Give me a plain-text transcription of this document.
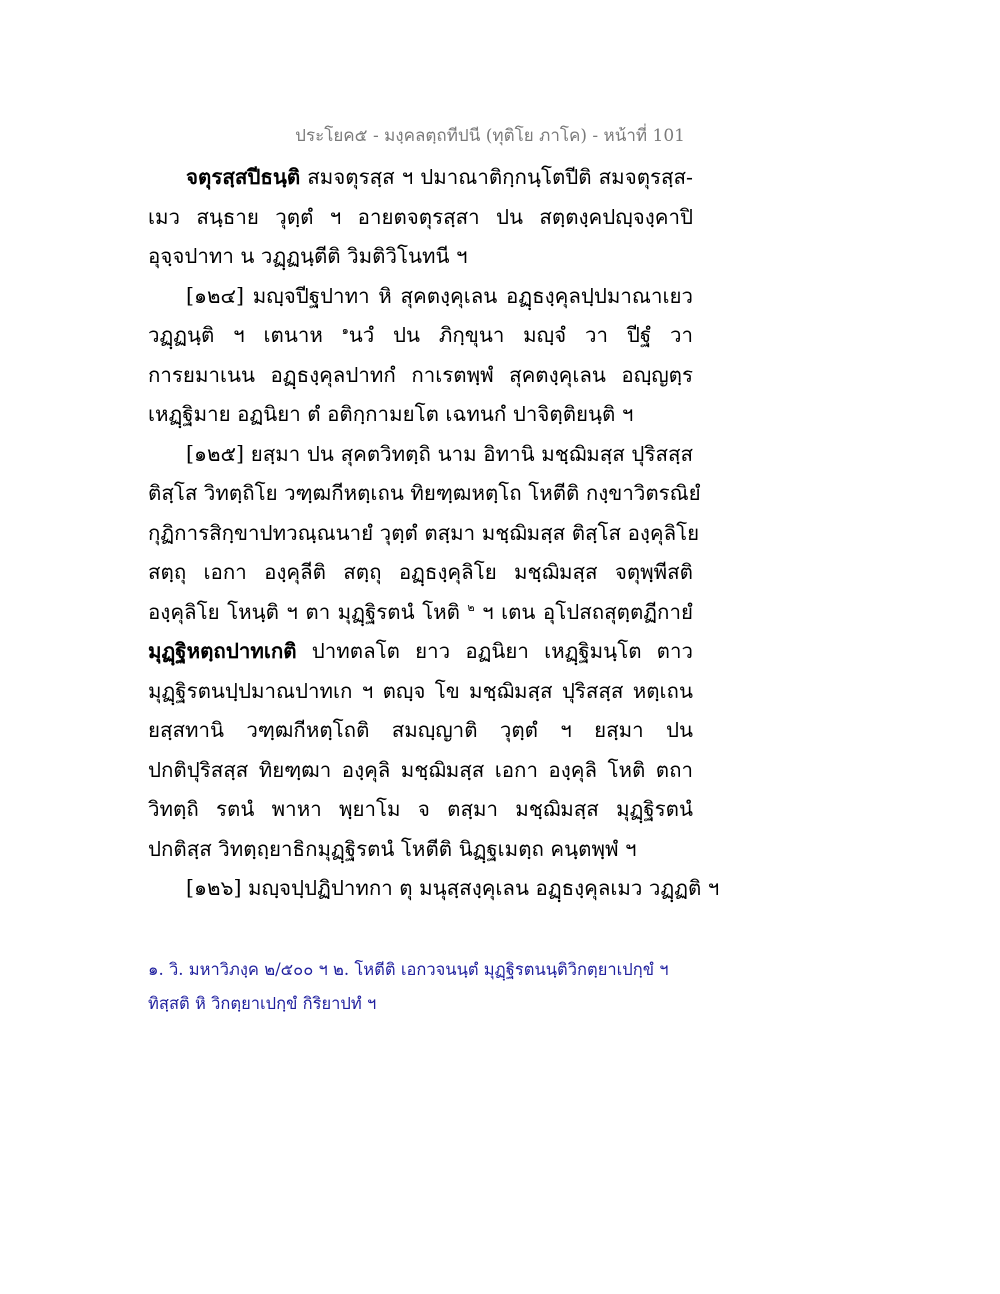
ประโยค๕ - มงฺคลตฺถทีปนี (ทุติโย ภาโค) - หน้าที่ 101
จตุรสฺสปีธนฺติ สมจตุรสฺส ฯ ปมาณาติกฺกนฺโตปีติ สมจตุรสฺส-
เมว สนฺธาย วุตฺตํ ฯ อายตจตุรสฺสา ปน สตฺตงฺคปญฺจงฺคาปิ
อุจฺจปาทา น วฏฺฏนฺตีติ วิมติวิโนทนี ฯ
[๑๒๔] มญฺจปีฐปาทา หิ สุคตงฺคุเลน อฏฺธงฺคุลปฺปมาณาเยว
วฏฺฏนฺติ ฯ เตนาห $^๑$นวํ ปน ภิกฺขุนา มญฺจํ วา ปีฐํ วา
การยมาเนน อฏฺธงฺคุลปาทกํ กาเรตพฺพํ สุคตงฺคุเลน อญฺญตฺร
เหฏฺฐิมาย อฏนิยา ตํ อติกฺกามยโต เฉทนกํ ปาจิตฺติยนฺติ ฯ
[๑๒๕] ยสฺมา ปน สุคตวิทตฺถิ นาม อิทานิ มชฺฌิมสฺส ปุริสสฺส
ติสฺโส วิทตฺถิโย วฑฺฒกีหตฺเถน ทิยฑฺฒหตฺโถ โหตีติ กงฺขาวิตรณิยํ
กุฏิการสิกฺขาปทวณฺณนายํ วุตฺตํ ตสฺมา มชฺฌิมสฺส ติสฺโส องฺคุลิโย
สตฺถุ เอกา องฺคุลีติ สตฺถุ อฏฺธงฺคุลิโย มชฺฌิมสฺส จตุพฺพีสติ
องฺคุลิโย โหนฺติ ฯ ตา มุฏฺฐิรตนํ โหติ $^๒$ ฯ เตน อุโปสถสุตฺตฏีกายํ
มุฏฺฐิหตฺถปาทเกติ ปาทตลโต ยาว อฏนิยา เหฏฺฐิมนฺโต ตาว
มุฏฺฐิรตนปฺปมาณปาทเก ฯ ตญฺจ โข มชฺฌิมสฺส ปุริสสฺส หตฺเถน
ยสฺสทานิ วฑฺฒกีหตฺโถติ สมญฺญาติ วุตฺตํ ฯ ยสฺมา ปน
ปกติปุริสสฺส ทิยฑฺฒา องฺคุลิ มชฺฌิมสฺส เอกา องฺคุลิ โหติ ตถา
วิทตฺถิ รตนํ พาหา พฺยาโม จ ตสฺมา มชฺฌิมสฺส มุฏฺฐิรตนํ
ปกติสฺส วิทตฺถฺยาธิกมุฏฺฐิรตนํ โหตีติ นิฏฺฐเมตฺถ คนฺตพฺพํ ฯ
[๑๒๖] มญฺจปฺปฏิปาทกา ตุ มนุสฺสงฺคุเลน อฏฺธงฺคุลเมว วฏฺฏติ ฯ
๑. วิ. มหาวิภงฺค ๒/๕๐๐ ฯ ๒. โหตีติ เอกวจนนฺตํ มุฏฺฐิรตนนฺติวิกตฺยาเปกฺขํ ฯ
ทิสฺสติ หิ วิกตฺยาเปกฺขํ กิริยาปทํ ฯ
